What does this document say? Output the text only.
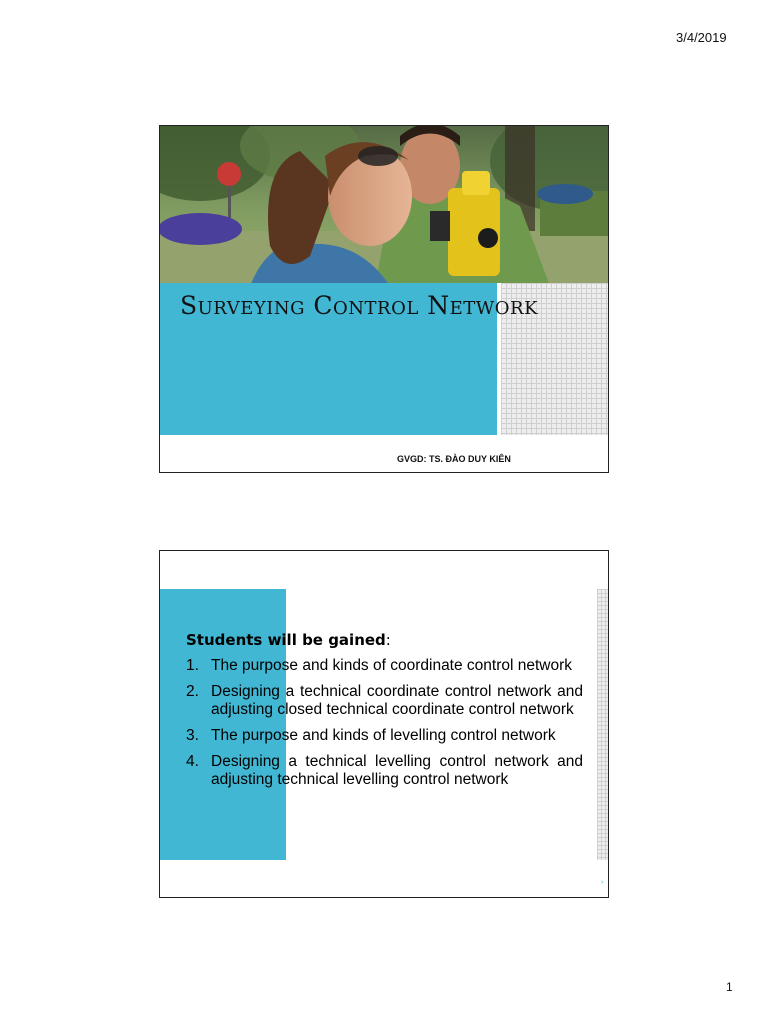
3/4/2019
Surveying Control Network
GVGD: TS. ĐÀO DUY KIÊN
Students will be gained:
1. The purpose and kinds of coordinate control network
2. Designing a technical coordinate control network and adjusting closed technical coordinate control network
3. The purpose and kinds of levelling control network
4. Designing a technical levelling control network and adjusting technical levelling control network
›
1
